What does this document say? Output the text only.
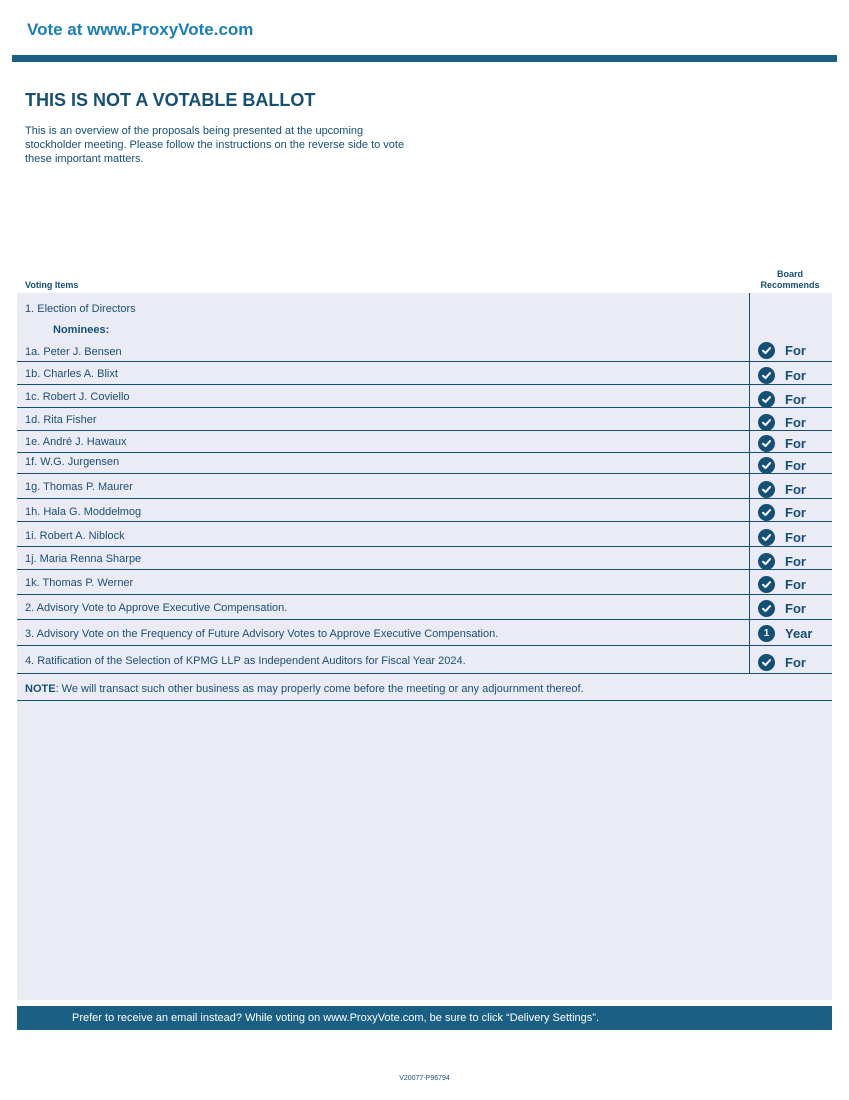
Vote at www.ProxyVote.com
THIS IS NOT A VOTABLE BALLOT

This is an overview of the proposals being presented at the upcoming stockholder meeting. Please follow the instructions on the reverse side to vote these important matters.

Voting Items
Board
Recommends
1. Election of Directors
Nominees:
1a. Peter J. Bensen	For
1b. Charles A. Blixt	For
1c. Robert J. Coviello	For
1d. Rita Fisher	For
1e. André J. Hawaux	For
1f. W.G. Jurgensen	For
1g. Thomas P. Maurer	For
1h. Hala G. Moddelmog	For
1i. Robert A. Niblock	For
1j. Maria Renna Sharpe	For
1k. Thomas P. Werner	For
2. Advisory Vote to Approve Executive Compensation.	For
3. Advisory Vote on the Frequency of Future Advisory Votes to Approve Executive Compensation.	1	Year
4. Ratification of the Selection of KPMG LLP as Independent Auditors for Fiscal Year 2024.	For
NOTE: We will transact such other business as may properly come before the meeting or any adjournment thereof.
Prefer to receive an email instead? While voting on www.ProxyVote.com, be sure to click “Delivery Settings”.
V20077-P96794
